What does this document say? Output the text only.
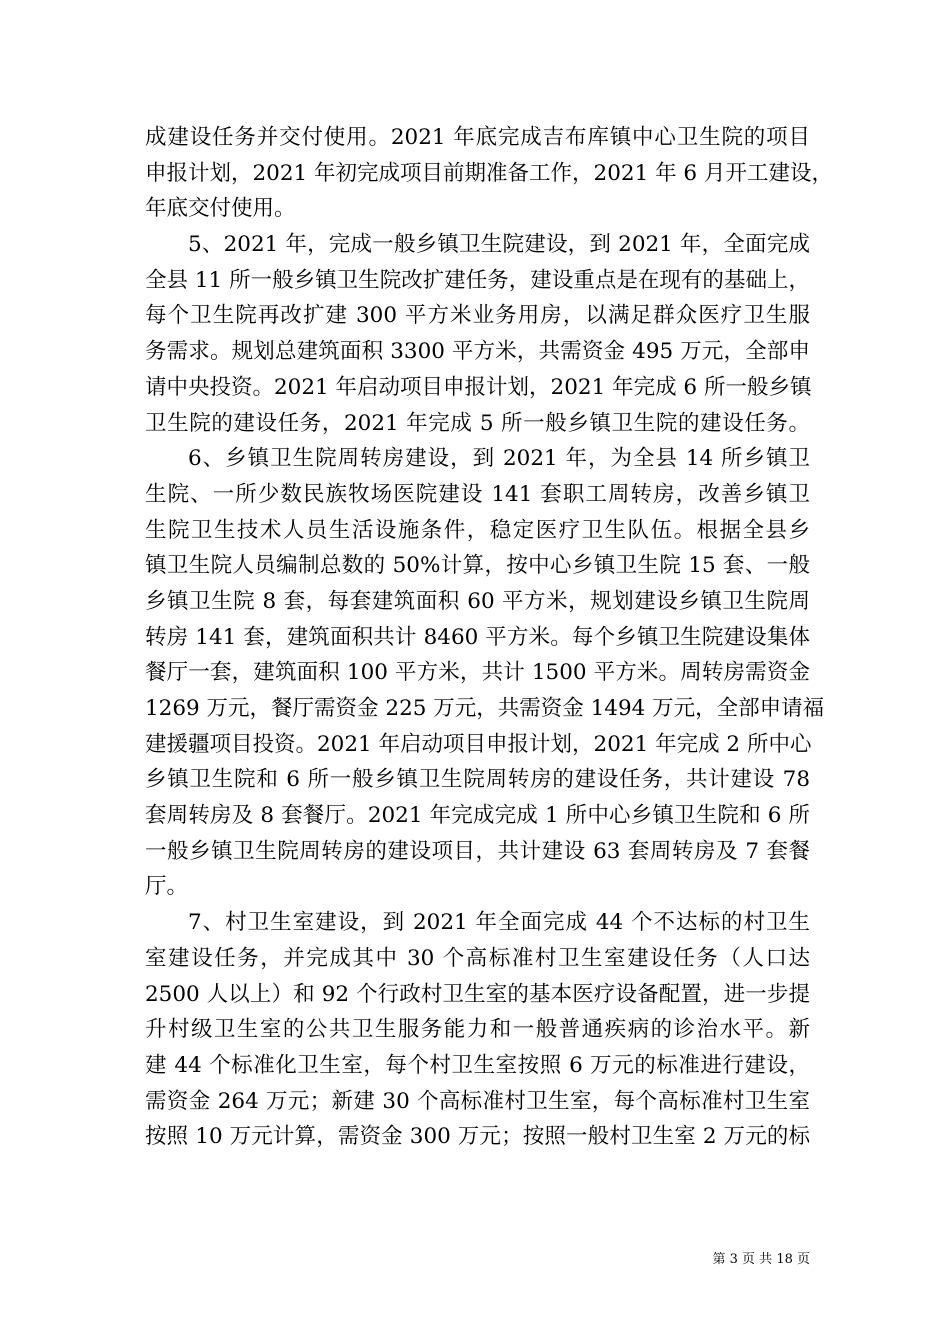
成建设任务并交付使用。2021 年底完成吉布库镇中心卫生院的项目
申报计划，2021 年初完成项目前期准备工作，2021 年 6 月开工建设，
年底交付使用。
5、2021 年，完成一般乡镇卫生院建设，到 2021 年，全面完成
全县 11 所一般乡镇卫生院改扩建任务，建设重点是在现有的基础上，
每个卫生院再改扩建 300 平方米业务用房，以满足群众医疗卫生服
务需求。规划总建筑面积 3300 平方米，共需资金 495 万元，全部申
请中央投资。2021 年启动项目申报计划，2021 年完成 6 所一般乡镇
卫生院的建设任务，2021 年完成 5 所一般乡镇卫生院的建设任务。
6、乡镇卫生院周转房建设，到 2021 年，为全县 14 所乡镇卫
生院、一所少数民族牧场医院建设 141 套职工周转房，改善乡镇卫
生院卫生技术人员生活设施条件，稳定医疗卫生队伍。根据全县乡
镇卫生院人员编制总数的 50%计算，按中心乡镇卫生院 15 套、一般
乡镇卫生院 8 套，每套建筑面积 60 平方米，规划建设乡镇卫生院周
转房 141 套，建筑面积共计 8460 平方米。每个乡镇卫生院建设集体
餐厅一套，建筑面积 100 平方米，共计 1500 平方米。周转房需资金
1269 万元，餐厅需资金 225 万元，共需资金 1494 万元，全部申请福
建援疆项目投资。2021 年启动项目申报计划，2021 年完成 2 所中心
乡镇卫生院和 6 所一般乡镇卫生院周转房的建设任务，共计建设 78
套周转房及 8 套餐厅。2021 年完成完成 1 所中心乡镇卫生院和 6 所
一般乡镇卫生院周转房的建设项目，共计建设 63 套周转房及 7 套餐
厅。
7、村卫生室建设，到 2021 年全面完成 44 个不达标的村卫生
室建设任务，并完成其中 30 个高标准村卫生室建设任务（人口达
2500 人以上）和 92 个行政村卫生室的基本医疗设备配置，进一步提
升村级卫生室的公共卫生服务能力和一般普通疾病的诊治水平。新
建 44 个标准化卫生室，每个村卫生室按照 6 万元的标准进行建设，
需资金 264 万元；新建 30 个高标准村卫生室，每个高标准村卫生室
按照 10 万元计算，需资金 300 万元；按照一般村卫生室 2 万元的标
第 3 页 共 18 页
